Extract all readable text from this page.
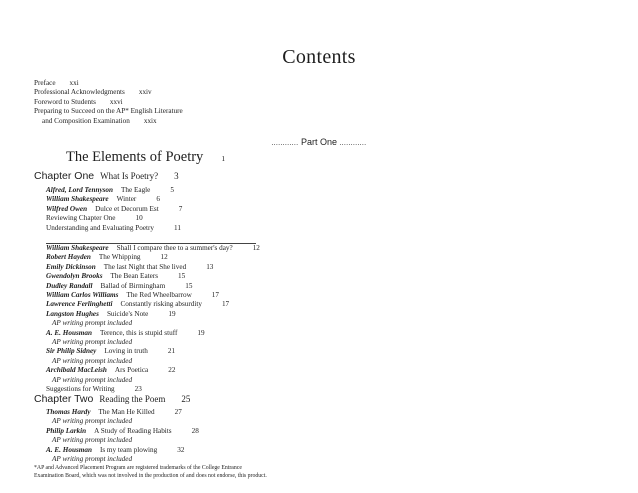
Contents
Preface xxi
Professional Acknowledgments xxiv
Foreword to Students xxvi
Preparing to Succeed on the AP* English Literature
and Composition Examination xxix
............ Part One ............
The Elements of Poetry 1
Chapter One What Is Poetry? 3
Alfred, Lord Tennyson The Eagle	5
William Shakespeare Winter	6
Wilfred Owen Dulce et Decorum Est	7
Reviewing Chapter One	10
Understanding and Evaluating Poetry	11
William Shakespeare Shall I compare thee to a summer's day?	12
Robert Hayden The Whipping	12
Emily Dickinson The last Night that She lived	13
Gwendolyn Brooks The Bean Eaters	15
Dudley Randall Ballad of Birmingham	15
William Carlos Williams The Red Wheelbarrow	17
Lawrence Ferlinghetti Constantly risking absurdity	17
Langston Hughes Suicide's Note	19
AP writing prompt included
A. E. Housman Terence, this is stupid stuff	19
AP writing prompt included
Sir Philip Sidney Loving in truth	21
AP writing prompt included
Archibald MacLeish Ars Poetica	22
AP writing prompt included
Suggestions for Writing	23
Chapter Two Reading the Poem 25
Thomas Hardy The Man He Killed	27
AP writing prompt included
Philip Larkin A Study of Reading Habits	28
AP writing prompt included
A. E. Housman Is my team plowing	32
AP writing prompt included
*AP and Advanced Placement Program are registered trademarks of the College Entrance
Examination Board, which was not involved in the production of and does not endorse, this product.
